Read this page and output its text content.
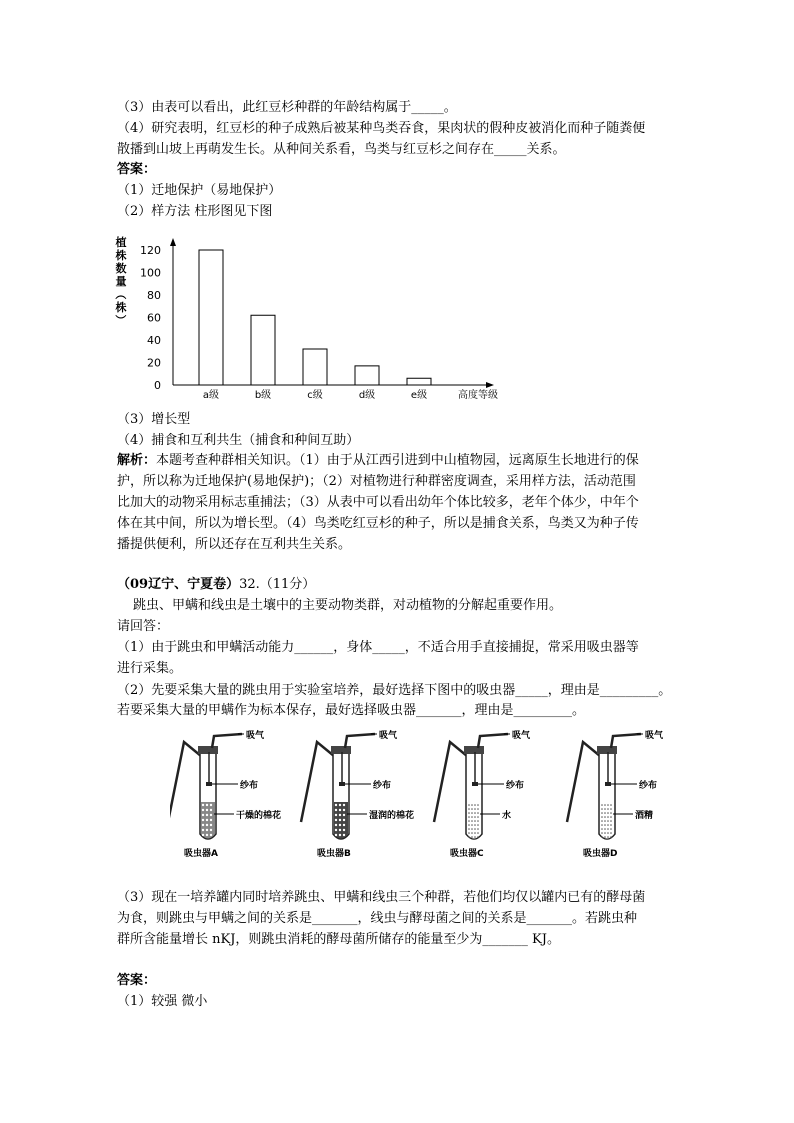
（3）由表可以看出，此红豆杉种群的年龄结构属于_____。
（4）研究表明，红豆杉的种子成熟后被某种鸟类吞食，果肉状的假种皮被消化而种子随粪便
散播到山坡上再萌发生长。从种间关系看，鸟类与红豆杉之间存在_____关系。
答案：
（1）迁地保护（易地保护）
（2）样方法 柱形图见下图
植
株
数
量
（
株
）
0
20
40
60
80
100
120
a级	b级	c级	d级	e级	高度等级
（3）增长型
（4）捕食和互利共生（捕食和种间互助）
解析：本题考查种群相关知识。（1）由于从江西引进到中山植物园，远离原生长地进行的保
护，所以称为迁地保护(易地保护)；（2）对植物进行种群密度调查，采用样方法，活动范围
比加大的动物采用标志重捕法；（3）从表中可以看出幼年个体比较多，老年个体少，中年个
体在其中间，所以为增长型。（4）鸟类吃红豆杉的种子，所以是捕食关系，鸟类又为种子传
播提供便利，所以还存在互利共生关系。
（09辽宁、宁夏卷）32.（11分）
跳虫、甲螨和线虫是土壤中的主要动物类群，对动植物的分解起重要作用。
请回答：
（1）由于跳虫和甲螨活动能力______，身体_____，不适合用手直接捕捉，常采用吸虫器等
进行采集。
（2）先要采集大量的跳虫用于实验室培养，最好选择下图中的吸虫器_____，理由是_________。
若要采集大量的甲螨作为标本保存，最好选择吸虫器_______，理由是_________。
吸气
纱布
干燥的棉花
吸虫器A
吸气
纱布
湿润的棉花
吸虫器B
吸气
纱布
水
吸虫器C
吸气
纱布
酒精
吸虫器D
（3）现在一培养罐内同时培养跳虫、甲螨和线虫三个种群，若他们均仅以罐内已有的酵母菌
为食，则跳虫与甲螨之间的关系是_______，线虫与酵母菌之间的关系是_______。若跳虫种
群所含能量增长 nKJ，则跳虫消耗的酵母菌所储存的能量至少为_______ KJ。
答案：
（1）较强 微小
